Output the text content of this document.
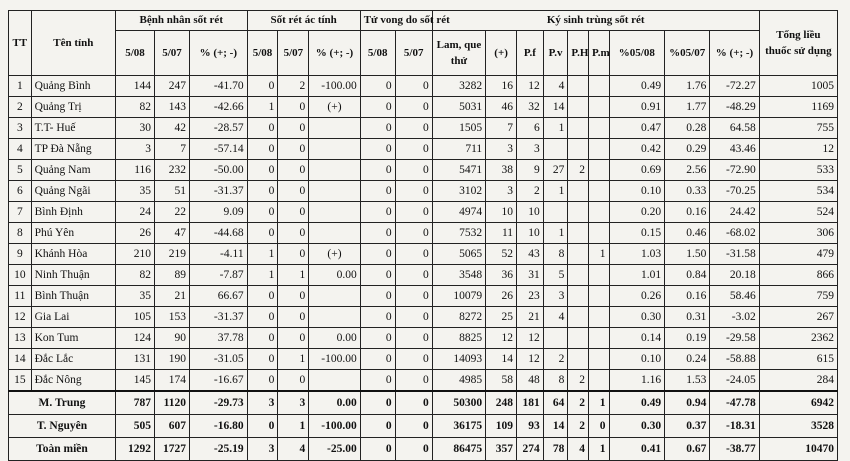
TT	Tên tỉnh	Bệnh nhân sốt rét			Sốt rét ác tính			Tử vong do sốt rét		Ký sinh trùng sốt rét									Tổng liều thuốc sử dụng
		5/08	5/07	% (+; -)	5/08	5/07	% (+; -)	5/08	5/07	Lam, que thử	(+)	P.f	P.v	P.H	P.m	%05/08	%05/07	% (+; -)	
1	Quảng Bình	144	247	-41.70	0	2	-100.00	0	0	3282	16	12	4			0.49	1.76	-72.27	1005
2	Quảng Trị	82	143	-42.66	1	0	(+)	0	0	5031	46	32	14			0.91	1.77	-48.29	1169
3	T.T- Huế	30	42	-28.57	0	0		0	0	1505	7	6	1			0.47	0.28	64.58	755
4	TP Đà Nẵng	3	7	-57.14	0	0		0	0	711	3	3				0.42	0.29	43.46	12
5	Quảng Nam	116	232	-50.00	0	0		0	0	5471	38	9	27	2		0.69	2.56	-72.90	533
6	Quảng Ngãi	35	51	-31.37	0	0		0	0	3102	3	2	1			0.10	0.33	-70.25	534
7	Bình Định	24	22	9.09	0	0		0	0	4974	10	10				0.20	0.16	24.42	524
8	Phú Yên	26	47	-44.68	0	0		0	0	7532	11	10	1			0.15	0.46	-68.02	306
9	Khánh Hòa	210	219	-4.11	1	0	(+)	0	0	5065	52	43	8		1	1.03	1.50	-31.58	479
10	Ninh Thuận	82	89	-7.87	1	1	0.00	0	0	3548	36	31	5			1.01	0.84	20.18	866
11	Bình Thuận	35	21	66.67	0	0		0	0	10079	26	23	3			0.26	0.16	58.46	759
12	Gia Lai	105	153	-31.37	0	0		0	0	8272	25	21	4			0.30	0.31	-3.02	267
13	Kon Tum	124	90	37.78	0	0	0.00	0	0	8825	12	12				0.14	0.19	-29.58	2362
14	Đắc Lắc	131	190	-31.05	0	1	-100.00	0	0	14093	14	12	2			0.10	0.24	-58.88	615
15	Đắc Nông	145	174	-16.67	0	0		0	0	4985	58	48	8	2		1.16	1.53	-24.05	284
M. Trung		787	1120	-29.73	3	3	0.00	0	0	50300	248	181	64	2	1	0.49	0.94	-47.78	6942
T. Nguyên		505	607	-16.80	0	1	-100.00	0	0	36175	109	93	14	2	0	0.30	0.37	-18.31	3528
Toàn miền		1292	1727	-25.19	3	4	-25.00	0	0	86475	357	274	78	4	1	0.41	0.67	-38.77	10470
